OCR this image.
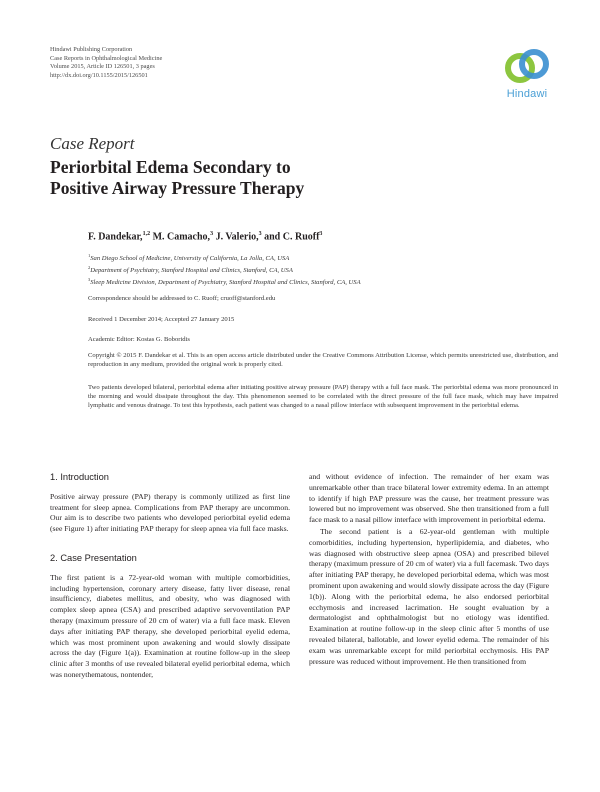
Hindawi Publishing Corporation
Case Reports in Ophthalmological Medicine
Volume 2015, Article ID 126501, 3 pages
http://dx.doi.org/10.1155/2015/126501
Hindawi
Case Report
Periorbital Edema Secondary to
Positive Airway Pressure Therapy
F. Dandekar,$^{1,2}$ M. Camacho,$^3$ J. Valerio,$^3$ and C. Ruoff$^3$
$^1$San Diego School of Medicine, University of California, La Jolla, CA, USA
$^2$Department of Psychiatry, Stanford Hospital and Clinics, Stanford, CA, USA
$^3$Sleep Medicine Division, Department of Psychiatry, Stanford Hospital and Clinics, Stanford, CA, USA
Correspondence should be addressed to C. Ruoff; cruoff@stanford.edu
Received 1 December 2014; Accepted 27 January 2015
Academic Editor: Kostas G. Boboridis
Copyright © 2015 F. Dandekar et al. This is an open access article distributed under the Creative Commons Attribution License, which permits unrestricted use, distribution, and reproduction in any medium, provided the original work is properly cited.
Two patients developed bilateral, periorbital edema after initiating positive airway pressure (PAP) therapy with a full face mask. The periorbital edema was more pronounced in the morning and would dissipate throughout the day. This phenomenon seemed to be correlated with the direct pressure of the full face mask, which may have impaired lymphatic and venous drainage. To test this hypothesis, each patient was changed to a nasal pillow interface with subsequent improvement in the periorbital edema.
1. Introduction

Positive airway pressure (PAP) therapy is commonly utilized as first line treatment for sleep apnea. Complications from PAP therapy are uncommon. Our aim is to describe two patients who developed periorbital eyelid edema (see Figure 1) after initiating PAP therapy for sleep apnea via full face masks.

2. Case Presentation

The first patient is a 72-year-old woman with multiple comorbidities, including hypertension, coronary artery disease, fatty liver disease, renal insufficiency, diabetes mellitus, and obesity, who was diagnosed with complex sleep apnea (CSA) and prescribed adaptive servoventilation PAP therapy (maximum pressure of 20 cm of water) via a full face mask. Eleven days after initiating PAP therapy, she developed periorbital eyelid edema, which was most prominent upon awakening and would slowly dissipate across the day (Figure 1(a)). Examination at routine follow-up in the sleep clinic after 3 months of use revealed bilateral eyelid periorbital edema, which was nonerythematous, nontender,

and without evidence of infection. The remainder of her exam was unremarkable other than trace bilateral lower extremity edema. In an attempt to identify if high PAP pressure was the cause, her treatment pressure was lowered but no improvement was observed. She then transitioned from a full face mask to a nasal pillow interface with improvement in periorbital edema.

The second patient is a 62-year-old gentleman with multiple comorbidities, including hypertension, hyperlipidemia, and diabetes, who was diagnosed with obstructive sleep apnea (OSA) and prescribed bilevel therapy (maximum pressure of 20 cm of water) via a full facemask. Two days after initiating PAP therapy, he developed periorbital edema, which was most prominent upon awakening and would slowly dissipate across the day (Figure 1(b)). Along with the periorbital edema, he also endorsed periorbital ecchymosis and increased lacrimation. He sought evaluation by a dermatologist and ophthalmologist but no etiology was identified. Examination at routine follow-up in the sleep clinic after 5 months of use revealed bilateral, ballotable, and lower eyelid edema. The remainder of his exam was unremarkable except for mild periorbital ecchymosis. His PAP pressure was reduced without improvement. He then transitioned from
